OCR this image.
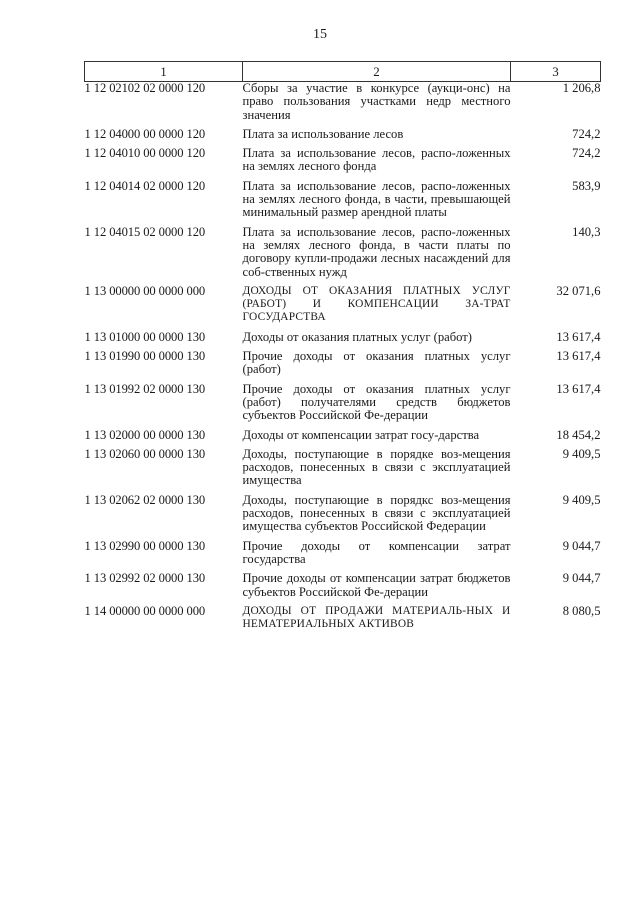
15
1	2	3
1 12 02102 02 0000 120	Сборы за участие в конкурсе (аукци-онс) на право пользования участками недр местного значения	1 206,8
1 12 04000 00 0000 120	Плата за использование лесов	724,2
1 12 04010 00 0000 120	Плата за использование лесов, распо-ложенных на землях лесного фонда	724,2
1 12 04014 02 0000 120	Плата за использование лесов, распо-ложенных на землях лесного фонда, в части, превышающей минимальный размер арендной платы	583,9
1 12 04015 02 0000 120	Плата за использование лесов, распо-ложенных на землях лесного фонда, в части платы по договору купли-продажи лесных насаждений для соб-ственных нужд	140,3
1 13 00000 00 0000 000	ДОХОДЫ ОТ ОКАЗАНИЯ ПЛАТНЫХ УСЛУГ (РАБОТ) И КОМПЕНСАЦИИ ЗА-ТРАТ ГОСУДАРСТВА	32 071,6
1 13 01000 00 0000 130	Доходы от оказания платных услуг (работ)	13 617,4
1 13 01990 00 0000 130	Прочие доходы от оказания платных услуг (работ)	13 617,4
1 13 01992 02 0000 130	Прочие доходы от оказания платных услуг (работ) получателями средств бюджетов субъектов Российской Фе-дерации	13 617,4
1 13 02000 00 0000 130	Доходы от компенсации затрат госу-дарства	18 454,2
1 13 02060 00 0000 130	Доходы, поступающие в порядке воз-мещения расходов, понесенных в связи с эксплуатацией имущества	9 409,5
1 13 02062 02 0000 130	Доходы, поступающие в порядкс воз-мещения расходов, понесенных в связи с эксплуатацией имущества субъектов Российской Федерации	9 409,5
1 13 02990 00 0000 130	Прочие доходы от компенсации затрат государства	9 044,7
1 13 02992 02 0000 130	Прочие доходы от компенсации затрат бюджетов субъектов Российской Фе-дерации	9 044,7
1 14 00000 00 0000 000	ДОХОДЫ ОТ ПРОДАЖИ МАТЕРИАЛЬ-НЫХ И НЕМАТЕРИАЛЬНЫХ АКТИВОВ	8 080,5
